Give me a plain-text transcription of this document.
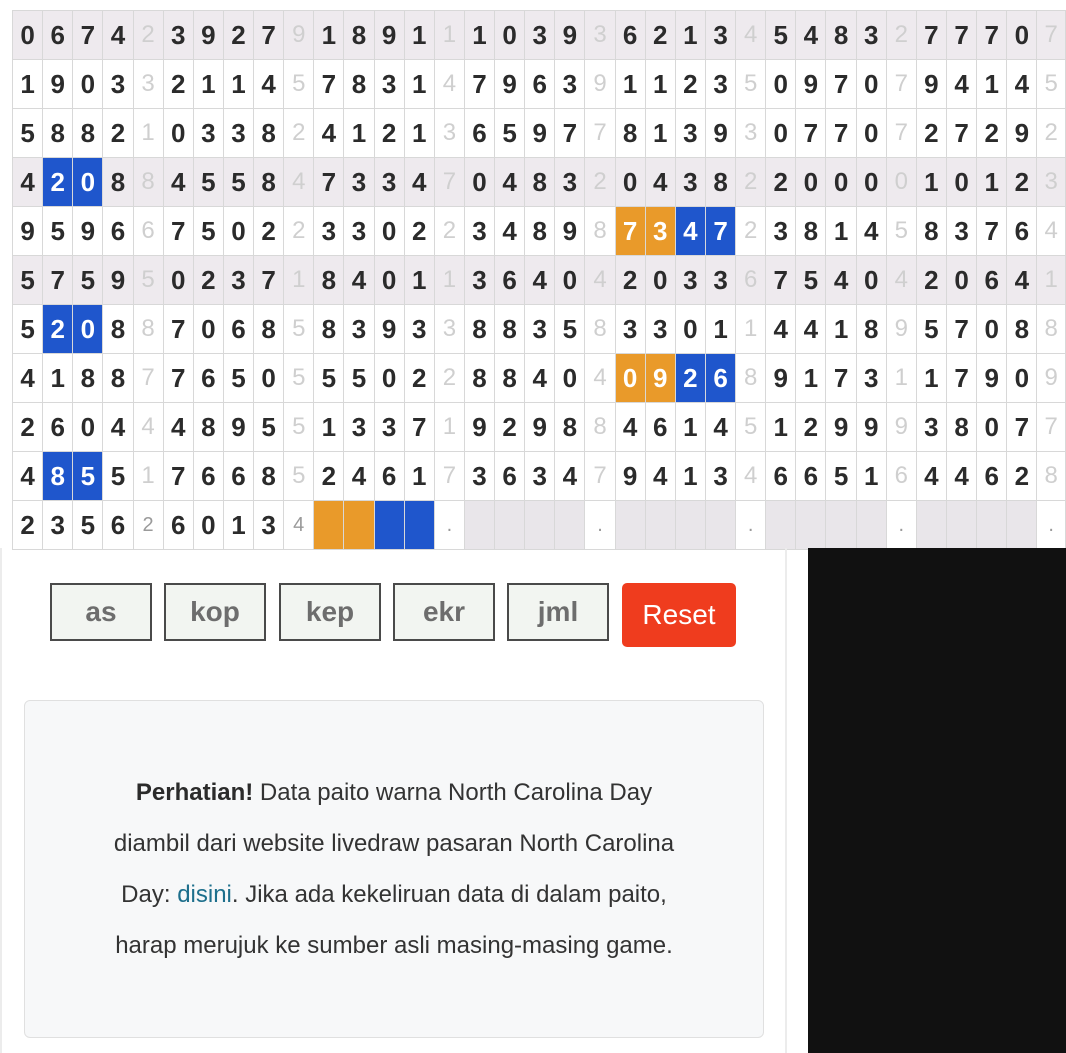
0	6	7	4	2	3	9	2	7	9	1	8	9	1	1	1	0	3	9	3	6	2	1	3	4	5	4	8	3	2	7	7	7	0	7
1	9	0	3	3	2	1	1	4	5	7	8	3	1	4	7	9	6	3	9	1	1	2	3	5	0	9	7	0	7	9	4	1	4	5
5	8	8	2	1	0	3	3	8	2	4	1	2	1	3	6	5	9	7	7	8	1	3	9	3	0	7	7	0	7	2	7	2	9	2
4	2	0	8	8	4	5	5	8	4	7	3	3	4	7	0	4	8	3	2	0	4	3	8	2	2	0	0	0	0	1	0	1	2	3
9	5	9	6	6	7	5	0	2	2	3	3	0	2	2	3	4	8	9	8	7	3	4	7	2	3	8	1	4	5	8	3	7	6	4
5	7	5	9	5	0	2	3	7	1	8	4	0	1	1	3	6	4	0	4	2	0	3	3	6	7	5	4	0	4	2	0	6	4	1
5	2	0	8	8	7	0	6	8	5	8	3	9	3	3	8	8	3	5	8	3	3	0	1	1	4	4	1	8	9	5	7	0	8	8
4	1	8	8	7	7	6	5	0	5	5	5	0	2	2	8	8	4	0	4	0	9	2	6	8	9	1	7	3	1	1	7	9	0	9
2	6	0	4	4	4	8	9	5	5	1	3	3	7	1	9	2	9	8	8	4	6	1	4	5	1	2	9	9	9	3	8	0	7	7
4	8	5	5	1	7	6	6	8	5	2	4	6	1	7	3	6	3	4	7	9	4	1	3	4	6	6	5	1	6	4	4	6	2	8
2	3	5	6	2	6	0	1	3	4					.					.					.					.					.
as	kop	kep	ekr	jml	Reset

Perhatian! Data paito warna North Carolina Day diambil dari website livedraw pasaran North Carolina Day: disini. Jika ada kekeliruan data di dalam paito, harap merujuk ke sumber asli masing-masing game.
